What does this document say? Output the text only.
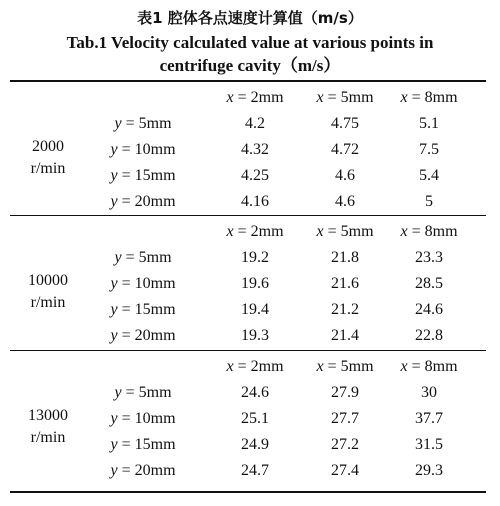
表1 腔体各点速度计算值（m/s）
Tab.1 Velocity calculated value at various points in
centrifuge cavity（m/s）
x = 2mm	x = 5mm	x = 8mm
2000
r/min
y = 5mm	4.2	4.75	5.1
y = 10mm	4.32	4.72	7.5
y = 15mm	4.25	4.6	5.4
y = 20mm	4.16	4.6	5
x = 2mm	x = 5mm	x = 8mm
10000
r/min
y = 5mm	19.2	21.8	23.3
y = 10mm	19.6	21.6	28.5
y = 15mm	19.4	21.2	24.6
y = 20mm	19.3	21.4	22.8
x = 2mm	x = 5mm	x = 8mm
13000
r/min
y = 5mm	24.6	27.9	30
y = 10mm	25.1	27.7	37.7
y = 15mm	24.9	27.2	31.5
y = 20mm	24.7	27.4	29.3
